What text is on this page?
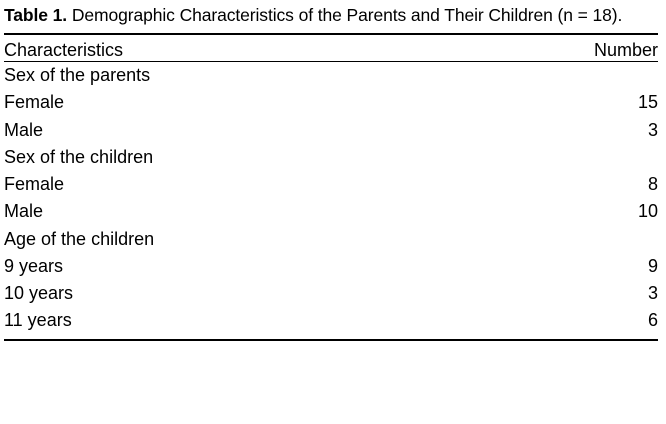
Table 1. Demographic Characteristics of the Parents and Their Children (n = 18).

Characteristics	Number
Sex of the parents	
Female	15
Male	3
Sex of the children	
Female	8
Male	10
Age of the children	
9 years	9
10 years	3
11 years	6
